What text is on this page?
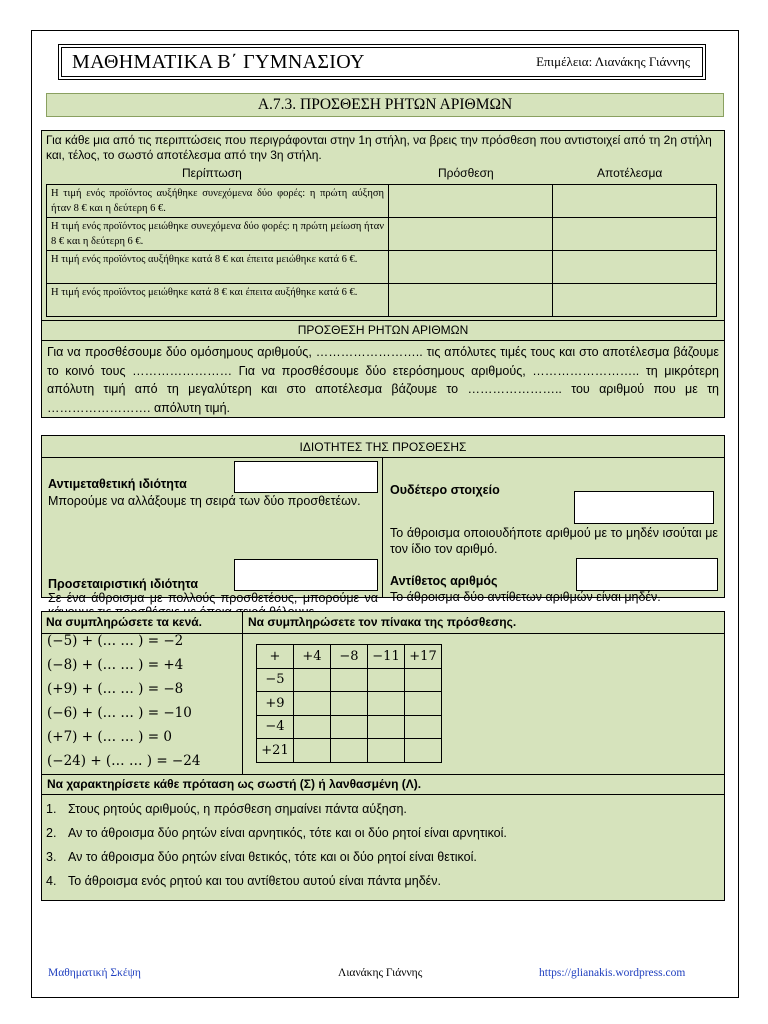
ΜΑΘΗΜΑΤΙΚΑ Β΄ ΓΥΜΝΑΣΙΟΥ	Επιμέλεια: Λιανάκης Γιάννης
Α.7.3. ΠΡΟΣΘΕΣΗ ΡΗΤΩΝ ΑΡΙΘΜΩΝ
Για κάθε μια από τις περιπτώσεις που περιγράφονται στην 1η στήλη, να βρεις την πρόσθεση που αντιστοιχεί από τη 2η στήλη και, τέλος, το σωστό αποτέλεσμα από την 3η στήλη.
Περίπτωση	Πρόσθεση	Αποτέλεσμα
Η τιμή ενός προϊόντος αυξήθηκε συνεχόμενα δύο φορές: η πρώτη αύξηση ήταν 8 € και η δεύτερη 6 €.		
Η τιμή ενός προϊόντος μειώθηκε συνεχόμενα δύο φορές: η πρώτη μείωση ήταν 8 € και η δεύτερη 6 €.		
Η τιμή ενός προϊόντος αυξήθηκε κατά 8 € και έπειτα μειώθηκε κατά 6 €.		
Η τιμή ενός προϊόντος μειώθηκε κατά 8 € και έπειτα αυξήθηκε κατά 6 €.		
ΠΡΟΣΘΕΣΗ ΡΗΤΩΝ ΑΡΙΘΜΩΝ
Για να προσθέσουμε δύο ομόσημους αριθμούς, …………………….. τις απόλυτες τιμές τους και στο αποτέλεσμα βάζουμε το κοινό τους …………………… Για να προσθέσουμε δύο ετερόσημους αριθμούς, …………………….. τη μικρότερη απόλυτη τιμή από τη μεγαλύτερη και στο αποτέλεσμα βάζουμε το ………………….. του αριθμού που με τη ……………………. απόλυτη τιμή.
ΙΔΙΟΤΗΤΕΣ ΤΗΣ ΠΡΟΣΘΕΣΗΣ
Αντιμεταθετική ιδιότητα
Μπορούμε να αλλάξουμε τη σειρά των δύο προσθετέων.
Προσεταιριστική ιδιότητα
Σε ένα άθροισμα με πολλούς προσθετέους, μπορούμε να
Ουδέτερο στοιχείο
Το άθροισμα οποιουδήποτε αριθμού με το μηδέν ισούται με τον ίδιο τον αριθμό.
Αντίθετος αριθμός
Το άθροισμα δύο αντίθετων αριθμών είναι μηδέν.
Να συμπληρώσετε τα κενά.	Να συμπληρώσετε τον πίνακα της πρόσθεσης.
(−5) + (… … ) = −2
(−8) + (… … ) = +4
(+9) + (… … ) = −8
(−6) + (… … ) = −10
(+7) + (… … ) = 0
(−24) + (… … ) = −24
+	+4	−8	−11	+17
−5				
+9				
−4				
+21				
Να χαρακτηρίσετε κάθε πρόταση ως σωστή (Σ) ή λανθασμένη (Λ).
1. Στους ρητούς αριθμούς, η πρόσθεση σημαίνει πάντα αύξηση.
2. Αν το άθροισμα δύο ρητών είναι αρνητικός, τότε και οι δύο ρητοί είναι αρνητικοί.
3. Αν το άθροισμα δύο ρητών είναι θετικός, τότε και οι δύο ρητοί είναι θετικοί.
4. Το άθροισμα ενός ρητού και του αντίθετου αυτού είναι πάντα μηδέν.
Μαθηματική Σκέψη	Λιανάκης Γιάννης	https://glianakis.wordpress.com
